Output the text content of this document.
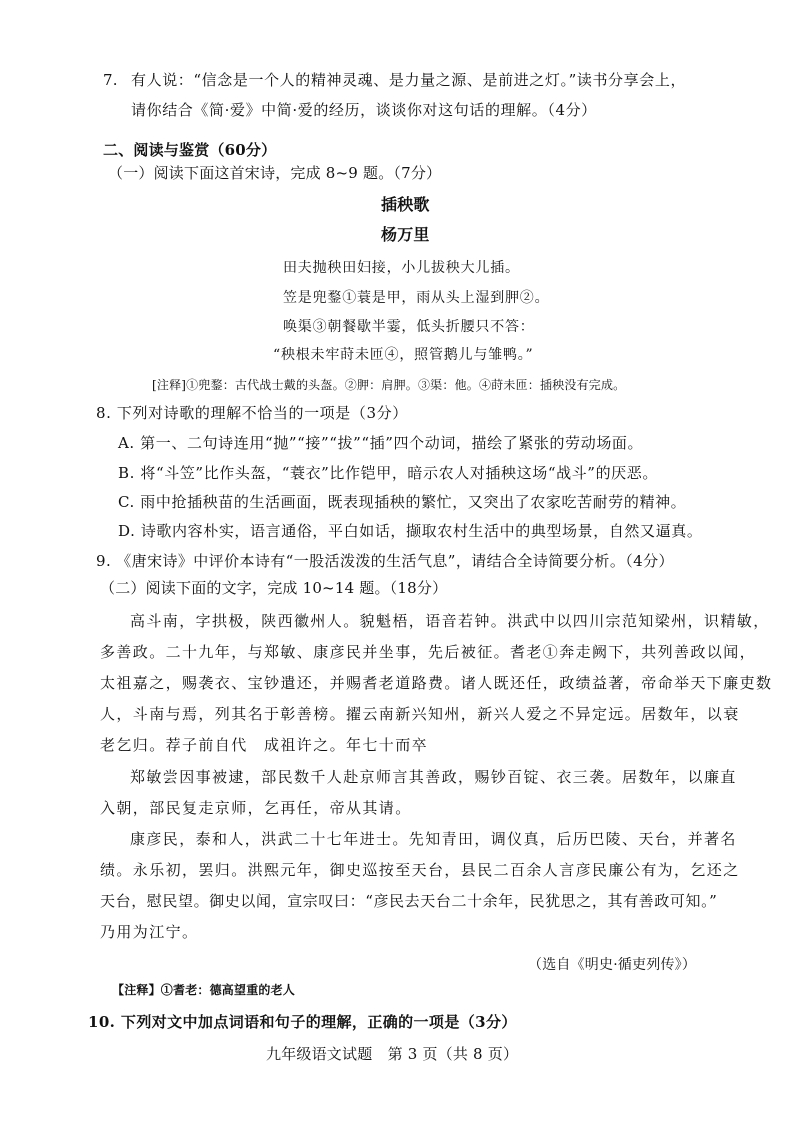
7. 有人说：“信念是一个人的精神灵魂、是力量之源、是前进之灯。”读书分享会上，
请你结合《简·爱》中简·爱的经历，谈谈你对这句话的理解。（4分）
二、阅读与鉴赏（60分）
（一）阅读下面这首宋诗，完成 8~9 题。（7分）
插秧歌
杨万里
田夫抛秧田妇接，小儿拔秧大儿插。
笠是兜鍪①蓑是甲，雨从头上湿到胛②。
唤渠③朝餐歇半霎，低头折腰只不答：
“秧根未牢莳未匝④，照管鹅儿与雏鸭。”
[注释]①兜鍪：古代战士戴的头盔。②胛：肩胛。③渠：他。④莳未匝：插秧没有完成。
8. 下列对诗歌的理解不恰当的一项是（3分）
A. 第一、二句诗连用“抛”“接”“拔”“插”四个动词，描绘了紧张的劳动场面。
B. 将“斗笠”比作头盔，“蓑衣”比作铠甲，暗示农人对插秧这场“战斗”的厌恶。
C. 雨中抢插秧苗的生活画面，既表现插秧的繁忙，又突出了农家吃苦耐劳的精神。
D. 诗歌内容朴实，语言通俗，平白如话，撷取农村生活中的典型场景，自然又逼真。
9. 《唐宋诗》中评价本诗有“一股活泼泼的生活气息”，请结合全诗简要分析。（4分）
（二）阅读下面的文字，完成 10~14 题。（18分）
高斗南，字拱极，陕西徽州人。貌魁梧，语音若钟。洪武中以四川宗范知梁州，识精敏，
多善政。二十九年，与郑敏、康彦民并坐事，先后被征。耆老①奔走阙下，共列善政以闻，
太祖嘉之，赐袭衣、宝钞遣还，并赐耆老道路费。诸人既还任，政绩益著，帝命举天下廉吏数
人，斗南与焉，列其名于彰善榜。擢云南新兴知州，新兴人爱之不异定远。居数年，以衰
老乞归。荐子前自代　成祖许之。年七十而卒
郑敏尝因事被逮，部民数千人赴京师言其善政，赐钞百锭、衣三袭。居数年，以廉直
入朝，部民复走京师，乞再任，帝从其请。
康彦民，泰和人，洪武二十七年进士。先知青田，调仪真，后历巴陵、天台，并著名
绩。永乐初，罢归。洪熙元年，御史巡按至天台，县民二百余人言彦民廉公有为，乞还之
天台，慰民望。御史以闻，宣宗叹曰：“彦民去天台二十余年，民犹思之，其有善政可知。”
乃用为江宁。
（选自《明史·循吏列传》）
【注释】①耆老：德高望重的老人
10. 下列对文中加点词语和句子的理解，正确的一项是（3分）
九年级语文试题　第 3 页（共 8 页）
